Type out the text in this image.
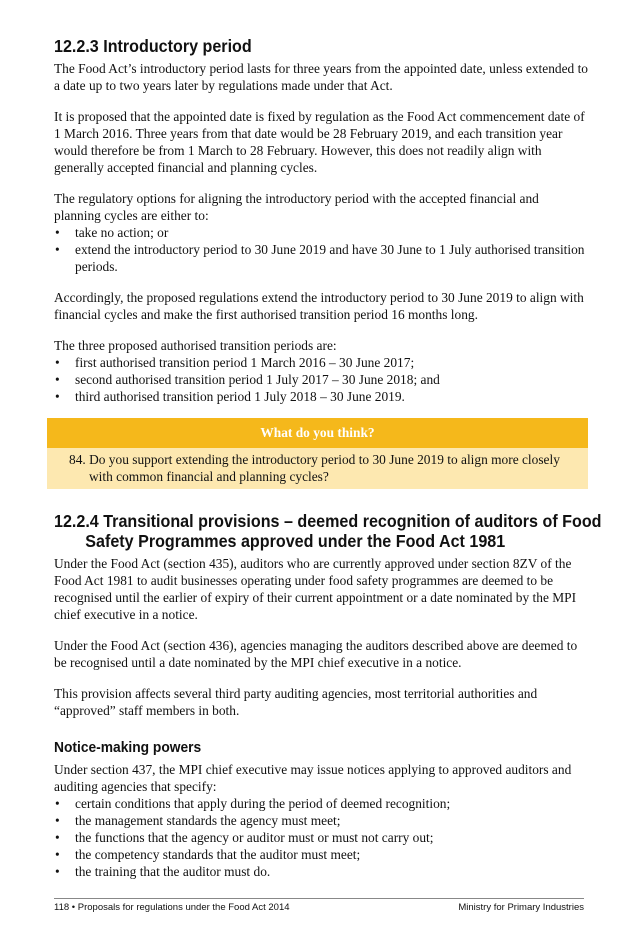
12.2.3 Introductory period

The Food Act’s introductory period lasts for three years from the appointed date, unless extended to a date up to two years later by regulations made under that Act.

It is proposed that the appointed date is fixed by regulation as the Food Act commencement date of 1 March 2016. Three years from that date would be 28 February 2019, and each transition year would therefore be from 1 March to 28 February. However, this does not readily align with generally accepted financial and planning cycles.

The regulatory options for aligning the introductory period with the accepted financial and planning cycles are either to:

• take no action; or
• extend the introductory period to 30 June 2019 and have 30 June to 1 July authorised transition periods.

Accordingly, the proposed regulations extend the introductory period to 30 June 2019 to align with financial cycles and make the first authorised transition period 16 months long.

The three proposed authorised transition periods are:

• first authorised transition period 1 March 2016 – 30 June 2017;
• second authorised transition period 1 July 2017 – 30 June 2018; and
• third authorised transition period 1 July 2018 – 30 June 2019.
What do you think?
84. Do you support extending the introductory period to 30 June 2019 to align more closely with common financial and planning cycles?
12.2.4 Transitional provisions – deemed recognition of auditors of Food
Safety Programmes approved under the Food Act 1981

Under the Food Act (section 435), auditors who are currently approved under section 8ZV of the Food Act 1981 to audit businesses operating under food safety programmes are deemed to be recognised until the earlier of expiry of their current appointment or a date nominated by the MPI chief executive in a notice.

Under the Food Act (section 436), agencies managing the auditors described above are deemed to be recognised until a date nominated by the MPI chief executive in a notice.

This provision affects several third party auditing agencies, most territorial authorities and “approved” staff members in both.

Notice-making powers

Under section 437, the MPI chief executive may issue notices applying to approved auditors and auditing agencies that specify:

• certain conditions that apply during the period of deemed recognition;
• the management standards the agency must meet;
• the functions that the agency or auditor must or must not carry out;
• the competency standards that the auditor must meet;
• the training that the auditor must do.
118 • Proposals for regulations under the Food Act 2014	Ministry for Primary Industries
